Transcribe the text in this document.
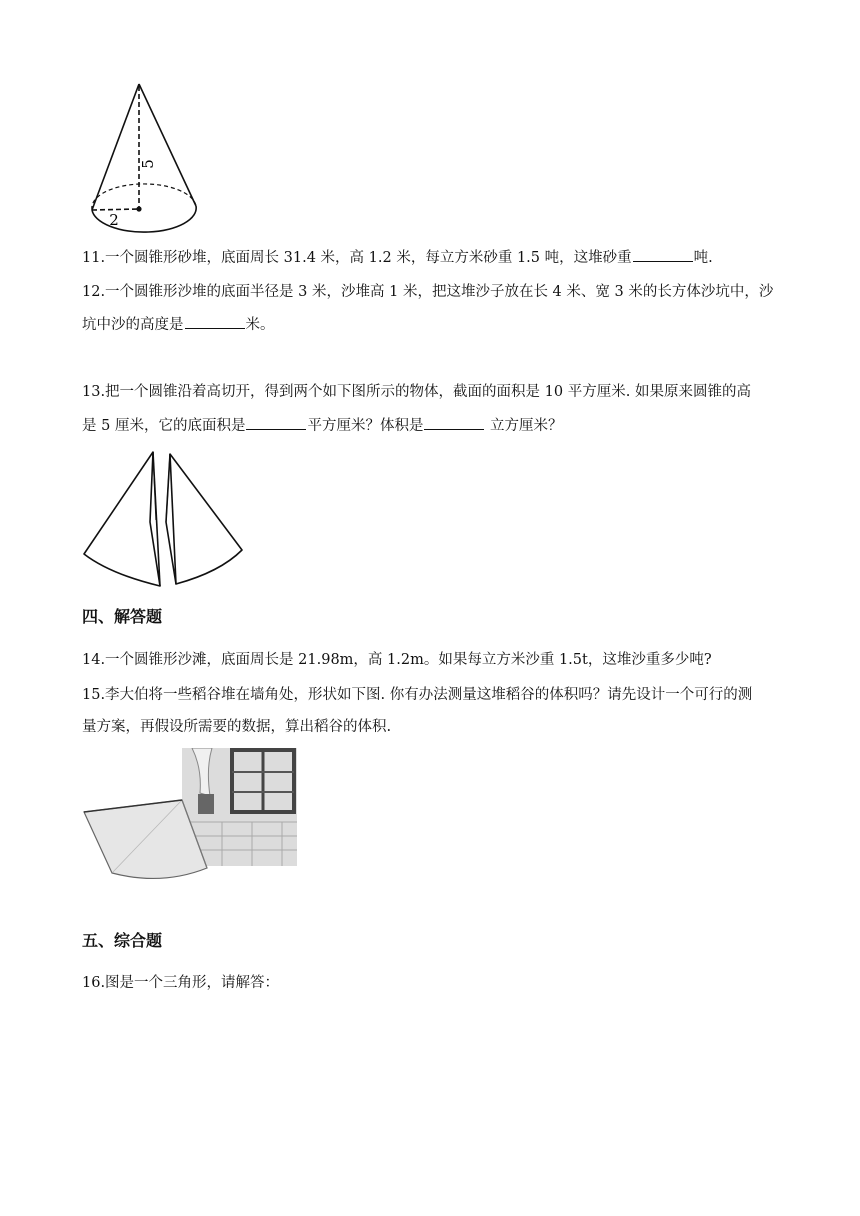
5
2
11.一个圆锥形砂堆，底面周长 31.4 米，高 1.2 米，每立方米砂重 1.5 吨，这堆砂重	吨.
12.一个圆锥形沙堆的底面半径是 3 米，沙堆高 1 米，把这堆沙子放在长 4 米、宽 3 米的长方体沙坑中，沙
坑中沙的高度是	米。
13.把一个圆锥沿着高切开，得到两个如下图所示的物体，截面的面积是 10 平方厘米. 如果原来圆锥的高
是 5 厘米，它的底面积是	平方厘米？体积是	立方厘米？
四、解答题
14.一个圆锥形沙滩，底面周长是 21.98m，高 1.2m。如果每立方米沙重 1.5t，这堆沙重多少吨?
15.李大伯将一些稻谷堆在墙角处，形状如下图. 你有办法测量这堆稻谷的体积吗？请先设计一个可行的测
量方案，再假设所需要的数据，算出稻谷的体积.
五、综合题
16.图是一个三角形，请解答：
